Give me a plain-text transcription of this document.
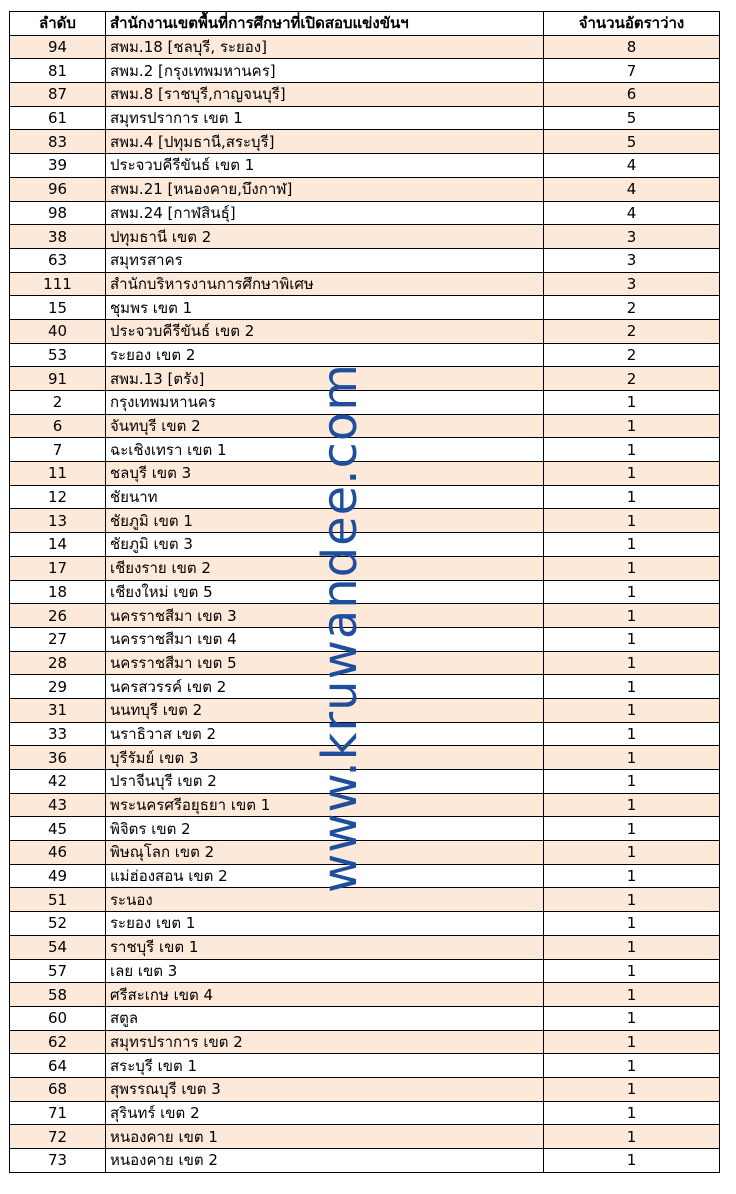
ลำดับ	สำนักงานเขตพื้นที่การศึกษาที่เปิดสอบแข่งขันฯ	จำนวนอัตราว่าง
94	สพม.18 [ชลบุรี, ระยอง]	8
81	สพม.2 [กรุงเทพมหานคร]	7
87	สพม.8 [ราชบุรี,กาญจนบุรี]	6
61	สมุทรปราการ เขต 1	5
83	สพม.4 [ปทุมธานี,สระบุรี]	5
39	ประจวบคีรีขันธ์ เขต 1	4
96	สพม.21 [หนองคาย,บึงกาฬ]	4
98	สพม.24 [กาฬสินธุ์]	4
38	ปทุมธานี เขต 2	3
63	สมุทรสาคร	3
111	สำนักบริหารงานการศึกษาพิเศษ	3
15	ชุมพร เขต 1	2
40	ประจวบคีรีขันธ์ เขต 2	2
53	ระยอง เขต 2	2
91	สพม.13 [ตรัง]	2
2	กรุงเทพมหานคร	1
6	จันทบุรี เขต 2	1
7	ฉะเชิงเทรา เขต 1	1
11	ชลบุรี เขต 3	1
12	ชัยนาท	1
13	ชัยภูมิ เขต 1	1
14	ชัยภูมิ เขต 3	1
17	เชียงราย เขต 2	1
18	เชียงใหม่ เขต 5	1
26	นครราชสีมา เขต 3	1
27	นครราชสีมา เขต 4	1
28	นครราชสีมา เขต 5	1
29	นครสวรรค์ เขต 2	1
31	นนทบุรี เขต 2	1
33	นราธิวาส เขต 2	1
36	บุรีรัมย์ เขต 3	1
42	ปราจีนบุรี เขต 2	1
43	พระนครศรีอยุธยา เขต 1	1
45	พิจิตร เขต 2	1
46	พิษณุโลก เขต 2	1
49	แม่ฮ่องสอน เขต 2	1
51	ระนอง	1
52	ระยอง เขต 1	1
54	ราชบุรี เขต 1	1
57	เลย เขต 3	1
58	ศรีสะเกษ เขต 4	1
60	สตูล	1
62	สมุทรปราการ เขต 2	1
64	สระบุรี เขต 1	1
68	สุพรรณบุรี เขต 3	1
71	สุรินทร์ เขต 2	1
72	หนองคาย เขต 1	1
73	หนองคาย เขต 2	1
www.kruwandee.com
